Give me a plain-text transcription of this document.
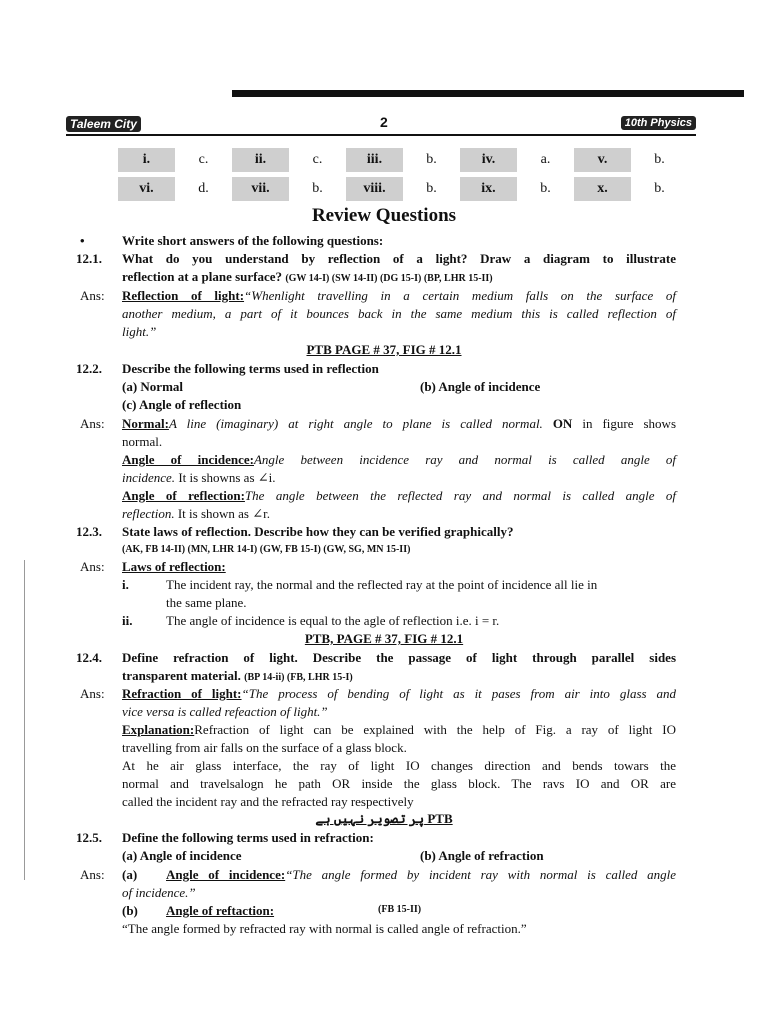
Taleem City	2	10th Physics
i.	c.	ii.	c.	iii.	b.	iv.	a.	v.	b.
vi.	d.	vii.	b.	viii.	b.	ix.	b.	x.	b.
Review Questions
•	Write short answers of the following questions:
12.1. What do you understand by reflection of a light? Draw a diagram to illustrate
reflection at a plane surface? (GW 14-I) (SW 14-II) (DG 15-I) (BP, LHR 15-II)
Ans: Reflection of light:“Whenlight travelling in a certain medium falls on the surface of
another medium, a part of it bounces back in the same medium this is called reflection of
light.”
PTB PAGE # 37, FIG # 12.1
12.2. Describe the following terms used in reflection
(a) Normal	(b) Angle of incidence
(c) Angle of reflection
Ans: Normal:A line (imaginary) at right angle to plane is called normal. ON in figure shows
normal.
Angle of incidence:Angle between incidence ray and normal is called angle of
incidence. It is showns as ∠i.
Angle of reflection:The angle between the reflected ray and normal is called angle of
reflection. It is shown as ∠r.
12.3. State laws of reflection. Describe how they can be verified graphically?
(AK, FB 14-II) (MN, LHR 14-I) (GW, FB 15-I) (GW, SG, MN 15-II)
Ans: Laws of reflection:
i.	The incident ray, the normal and the reflected ray at the point of incidence all lie in
the same plane.
ii.	The angle of incidence is equal to the agle of reflection i.e. i = r.
PTB, PAGE # 37, FIG # 12.1
12.4. Define refraction of light. Describe the passage of light through parallel sides
transparent material. (BP 14-ii) (FB, LHR 15-I)
Ans: Refraction of light:“The process of bending of light as it pases from air into glass and
vice versa is called refeaction of light.”
Explanation:Refraction of light can be explained with the help of Fig. a ray of light IO
travelling from air falls on the surface of a glass block.
At he air glass interface, the ray of light IO changes direction and bends towars the
normal and travelsalogn he path OR inside the glass block. The ravs IO and OR are
called the incident ray and the refracted ray respectively
پر تصویر نہیں ہے PTB
12.5. Define the following terms used in refraction:
(a) Angle of incidence	(b) Angle of refraction
Ans: (a) Angle of incidence:“The angle formed by incident ray with normal is called angle
of incidence.”
(b) Angle of reftaction:	(FB 15-II)
“The angle formed by refracted ray with normal is called angle of refraction.”
